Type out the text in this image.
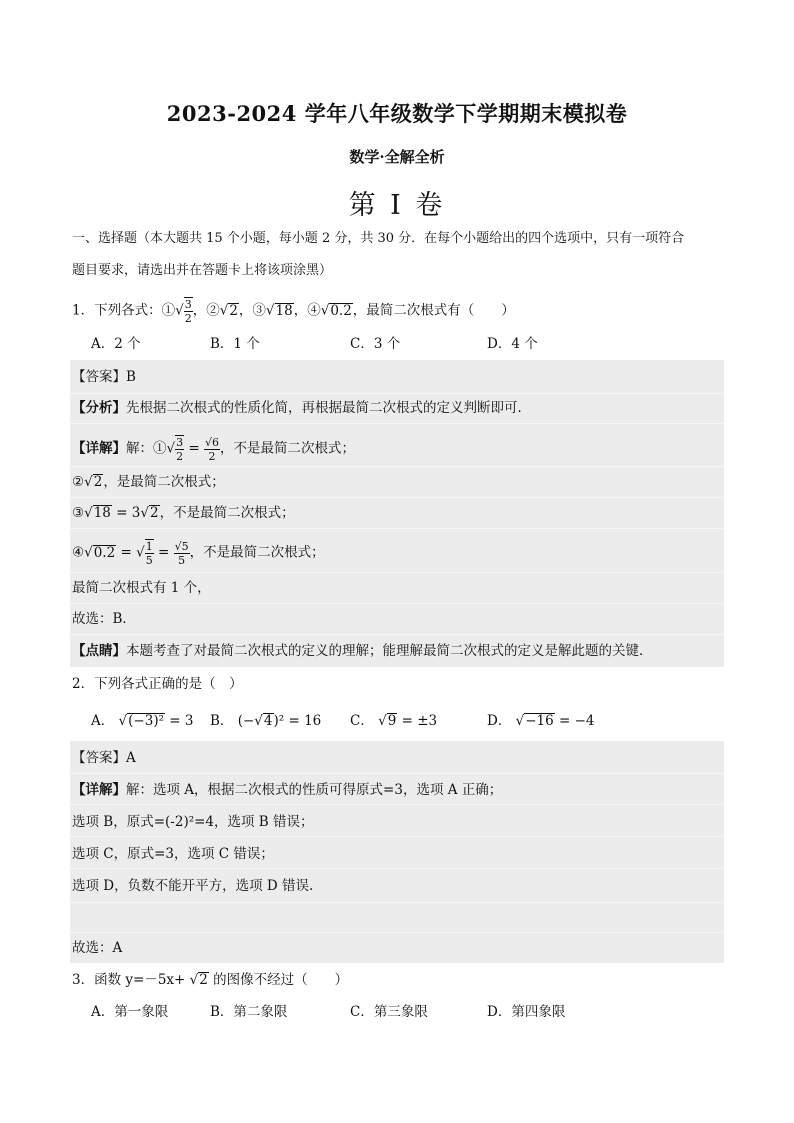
2023-2024 学年八年级数学下学期期末模拟卷
数学·全解全析
第 I 卷
一、选择题（本大题共 15 个小题，每小题 2 分，共 30 分．在每个小题给出的四个选项中，只有一项符合
题目要求，请选出并在答题卡上将该项涂黑）
1．下列各式：①√ $\frac{3}{2}$ ，②√2，③√18，④√0.2，最简二次根式有（　　）
A．2 个	B．1 个	C．3 个	D．4 个
【答案】B
【分析】先根据二次根式的性质化简，再根据最简二次根式的定义判断即可．
【详解】解：①√ $\frac{3}{2} = \frac{√6}{2}$ ，不是最简二次根式；
②√2，是最简二次根式；
③√18 = 3√2，不是最简二次根式；
④√0.2 = √ $\frac{1}{5} = \frac{√5}{5}$ ，不是最简二次根式；
最简二次根式有 1 个，
故选：B．
【点睛】本题考查了对最简二次根式的定义的理解；能理解最简二次根式的定义是解此题的关键．
2．下列各式正确的是（　）
A． √(−3)² = 3 B． (−√4)² = 16 C． √9 = ±3	D． √−16 = −4
【答案】A
【详解】解：选项 A，根据二次根式的性质可得原式=3，选项 A 正确；
选项 B，原式=(-2)²=4，选项 B 错误；
选项 C，原式=3，选项 C 错误；
选项 D，负数不能开平方，选项 D 错误.
故选：A
3．函数 y=－5x+ √2 的图像不经过（　　）
A．第一象限	B．第二象限	C．第三象限	D．第四象限
